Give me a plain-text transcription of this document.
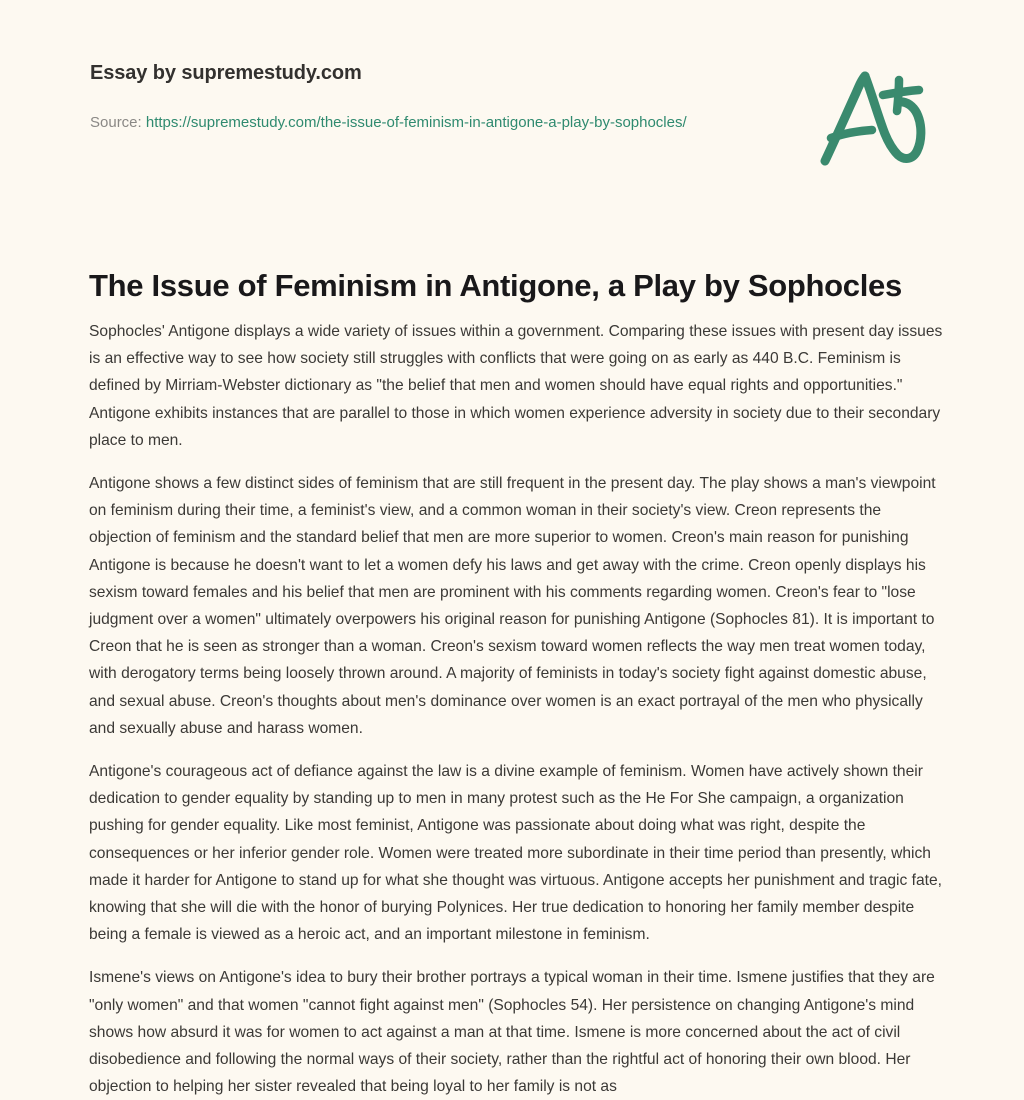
Essay by supremestudy.com
Source: https://supremestudy.com/the-issue-of-feminism-in-antigone-a-play-by-sophocles/
The Issue of Feminism in Antigone, a Play by Sophocles

Sophocles' Antigone displays a wide variety of issues within a government. Comparing these issues with present day issues is an effective way to see how society still struggles with conflicts that were going on as early as 440 B.C. Feminism is defined by Mirriam-Webster dictionary as "the belief that men and women should have equal rights and opportunities." Antigone exhibits instances that are parallel to those in which women experience adversity in society due to their secondary place to men.

Antigone shows a few distinct sides of feminism that are still frequent in the present day. The play shows a man's viewpoint on feminism during their time, a feminist's view, and a common woman in their society's view. Creon represents the objection of feminism and the standard belief that men are more superior to women. Creon's main reason for punishing Antigone is because he doesn't want to let a women defy his laws and get away with the crime. Creon openly displays his sexism toward females and his belief that men are prominent with his comments regarding women. Creon's fear to "lose judgment over a women" ultimately overpowers his original reason for punishing Antigone (Sophocles 81). It is important to Creon that he is seen as stronger than a woman. Creon's sexism toward women reflects the way men treat women today, with derogatory terms being loosely thrown around. A majority of feminists in today's society fight against domestic abuse, and sexual abuse. Creon's thoughts about men's dominance over women is an exact portrayal of the men who physically and sexually abuse and harass women.

Antigone's courageous act of defiance against the law is a divine example of feminism. Women have actively shown their dedication to gender equality by standing up to men in many protest such as the He For She campaign, a organization pushing for gender equality. Like most feminist, Antigone was passionate about doing what was right, despite the consequences or her inferior gender role. Women were treated more subordinate in their time period than presently, which made it harder for Antigone to stand up for what she thought was virtuous. Antigone accepts her punishment and tragic fate, knowing that she will die with the honor of burying Polynices. Her true dedication to honoring her family member despite being a female is viewed as a heroic act, and an important milestone in feminism.

Ismene's views on Antigone's idea to bury their brother portrays a typical woman in their time. Ismene justifies that they are "only women" and that women "cannot fight against men" (Sophocles 54). Her persistence on changing Antigone's mind shows how absurd it was for women to act against a man at that time. Ismene is more concerned about the act of civil disobedience and following the normal ways of their society, rather than the rightful act of honoring their own blood. Her objection to helping her sister revealed that being loyal to her family is not as
